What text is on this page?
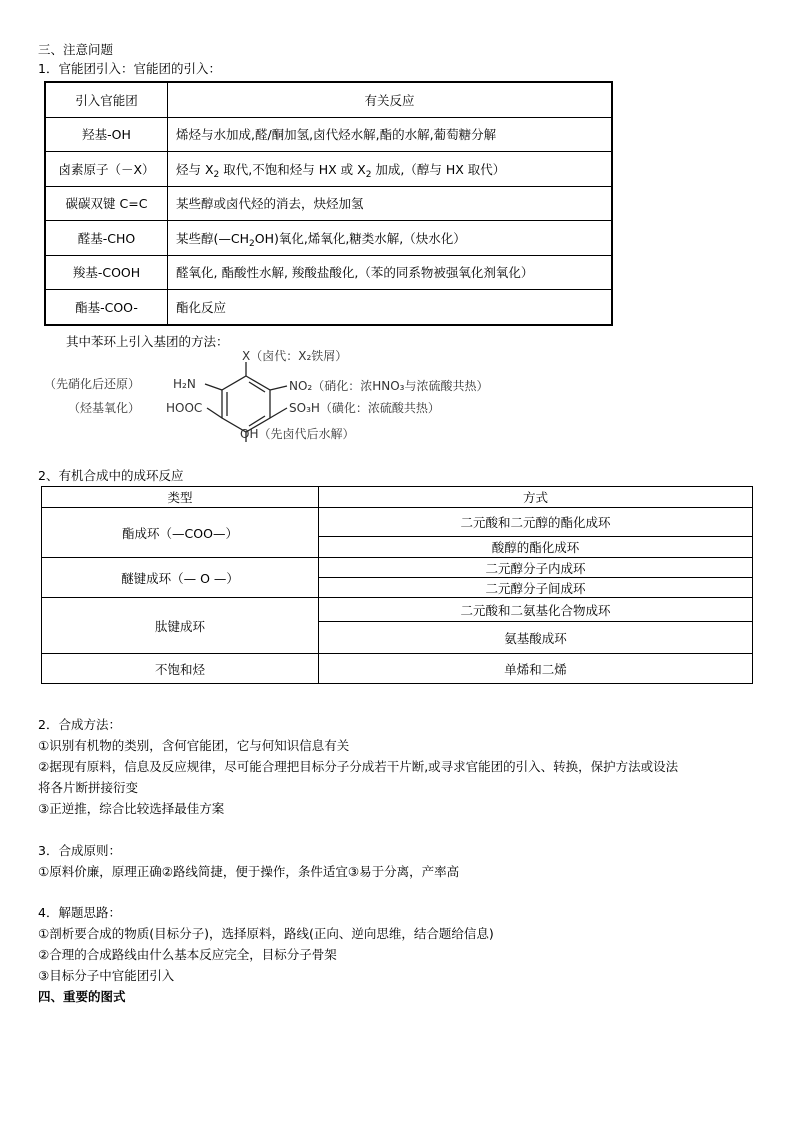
三、注意问题
1．官能团引入：官能团的引入：
引入官能团	有关反应
羟基-OH	烯烃与水加成,醛/酮加氢,卤代烃水解,酯的水解,葡萄糖分解
卤素原子（－X）	烃与 $X_2$ 取代,不饱和烃与 HX 或 $X_2$ 加成,（醇与 HX 取代）
碳碳双键 C=C	某些醇或卤代烃的消去，炔烃加氢
醛基-CHO	某些醇$(—CH_2OH)$氧化,烯氧化,糖类水解,（炔水化）
羧基-COOH	醛氧化, 酯酸性水解, 羧酸盐酸化,（苯的同系物被强氧化剂氧化）
酯基-COO-	酯化反应
其中苯环上引入基团的方法：
X（卤代：X₂铁屑）
（先硝化后还原）	H₂N	NO₂（硝化：浓HNO₃与浓硫酸共热）
（烃基氧化） HOOC	SO₃H（磺化：浓硫酸共热）
OH（先卤代后水解）
2、有机合成中的成环反应
类型	方式
酯成环（—COO—）	二元酸和二元醇的酯化成环
	酸醇的酯化成环
醚键成环（— O —）	二元醇分子内成环
	二元醇分子间成环
肽键成环	二元酸和二氨基化合物成环
	氨基酸成环
不饱和烃	单烯和二烯
2．合成方法：
①识别有机物的类别，含何官能团，它与何知识信息有关
②据现有原料，信息及反应规律，尽可能合理把目标分子分成若干片断,或寻求官能团的引入、转换，保护方法或设法
将各片断拼接衍变
③正逆推，综合比较选择最佳方案
3．合成原则：
①原料价廉，原理正确②路线简捷，便于操作，条件适宜③易于分离，产率高
4．解题思路：
①剖析要合成的物质(目标分子)，选择原料，路线(正向、逆向思维，结合题给信息)
②合理的合成路线由什么基本反应完全，目标分子骨架
③目标分子中官能团引入
四、重要的图式
